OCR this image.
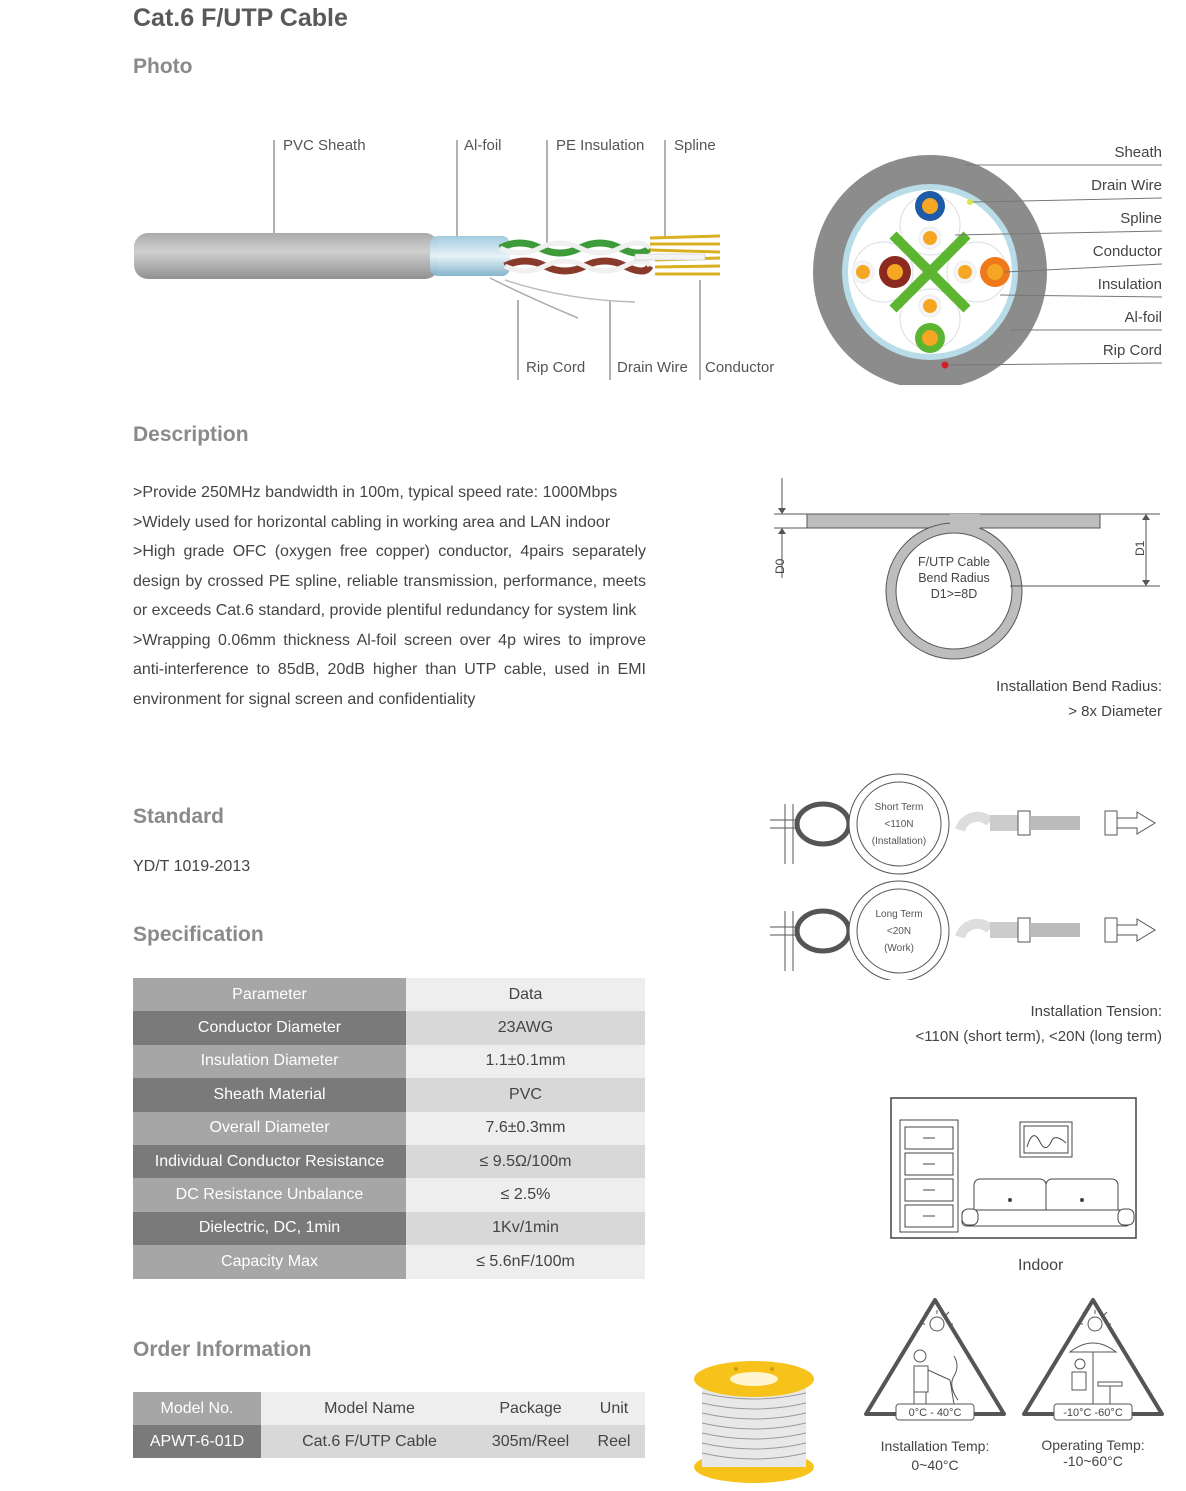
Cat.6 F/UTP Cable
Photo
Description
Standard
Specification
Order Information
PVC Sheath	Al-foil	PE Insulation Spline
Rip Cord Drain Wire Conductor
Sheath
Drain Wire
Spline
Conductor
Insulation
Al-foil
Rip Cord

>Provide 250MHz bandwidth in 100m, typical speed rate: 1000Mbps

>Widely used for horizontal cabling in working area and LAN indoor

>High grade OFC (oxygen free copper) conductor, 4pairs separately design by crossed PE spline, reliable transmission, performance, meets or exceeds Cat.6 standard, provide plentiful redundancy for system link

>Wrapping 0.06mm thickness Al-foil screen over 4p wires to improve anti-interference to 85dB, 20dB higher than UTP cable, used in EMI environment for signal screen and confidentiality

YD/T 1019-2013
Parameter	Data
Conductor Diameter	23AWG
Insulation Diameter	1.1±0.1mm
Sheath Material	PVC
Overall Diameter	7.6±0.3mm
Individual Conductor Resistance	≤ 9.5Ω/100m
DC Resistance Unbalance	≤ 2.5%
Dielectric, DC, 1min	1Kv/1min
Capacity Max	≤ 5.6nF/100m
Model No.	Model Name	Package	Unit
APWT-6-01D	Cat.6 F/UTP Cable	305m/Reel	Reel
D0
D1
F/UTP Cable
Bend Radius
D1>=8D
Installation Bend Radius:
> 8x Diameter
Short Term
<110N
(Installation)
Long Term
<20N
(Work)
Installation Tension:
<110N (short term), <20N (long term)
Indoor
0°C - 40°C	-10°C -60°C
Installation Temp:
0~40°C
Operating Temp:
-10~60°C
